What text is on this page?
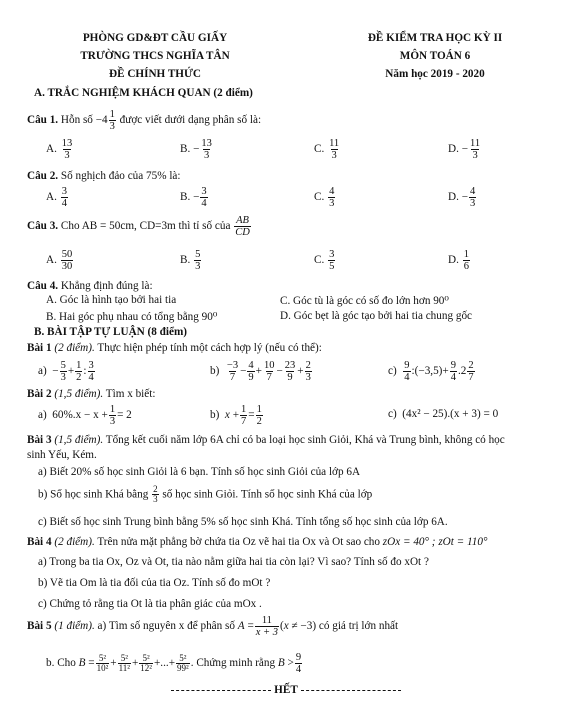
PHÒNG GD&ĐT CẦU GIẤY
TRƯỜNG THCS NGHĨA TÂN
ĐỀ CHÍNH THỨC
ĐỀ KIỂM TRA HỌC KỲ II
MÔN TOÁN 6
Năm học 2019 - 2020
A. TRẮC NGHIỆM KHÁCH QUAN (2 điểm)
Câu 1. Hỗn số $-4 \frac{1}{3}$ được viết dưới dạng phân số là:
A. $\frac{13}{3}$	B. − $\frac{13}{3}$	C. $\frac{11}{3}$	D. − $\frac{11}{3}$
Câu 2. Số nghịch đảo của 75% là:
A. $\frac{3}{4}$	B. − $\frac{3}{4}$	C. $\frac{4}{3}$	D. − $\frac{4}{3}$
Câu 3. Cho AB = 50cm, CD=3m thì tỉ số của $\frac{AB}{CD}$
A. $\frac{50}{30}$	B. $\frac{5}{3}$	C. $\frac{3}{5}$	D. $\frac{1}{6}$
Câu 4. Khẳng định đúng là:
A. Góc là hình tạo bởi hai tia	C. Góc tù là góc có số đo lớn hơn 90⁰
B. Hai góc phụ nhau có tổng bằng 90⁰	D. Góc bẹt là góc tạo bởi hai tia chung gốc
B. BÀI TẬP TỰ LUẬN (8 điểm)
Bài 1 (2 điểm). Thực hiện phép tính một cách hợp lý (nếu có thể):
$a) - \frac{5}{3} + \frac{1}{2}$ : $\frac{3}{4}$	$b) \frac{-3}{7} - \frac{4}{9} + \frac{10}{7} - \frac{23}{9} + \frac{2}{3}$	$c) \frac{9}{4}$ :(−3,5)+ $\frac{9}{4} .2 \frac{2}{7}$
Bài 2 (1,5 điểm). Tìm x biết:
a) $60\%.x - x + \frac{1}{3} = 2$	b) $x + \frac{1}{7} = \frac{1}{2}$	c) (4x² − 25).(x + 3) = 0
Bài 3 (1,5 điểm). Tổng kết cuối năm lớp 6A chỉ có ba loại học sinh Giỏi, Khá và Trung bình, không có học
sinh Yếu, Kém.
a) Biết 20% số học sinh Giỏi là 6 bạn. Tính số học sinh Giỏi của lớp 6A
b) Số học sinh Khá bằng $\frac{2}{3}$ số học sinh Giỏi. Tính số học sinh Khá của lớp
c) Biết số học sinh Trung bình bằng 5% số học sinh Khá. Tính tổng số học sinh của lớp 6A.
Bài 4 (2 điểm). Trên nửa mặt phẳng bờ chứa tia Oz vẽ hai tia Ox và Ot sao cho zOx = 40° ; zOt = 110°
a) Trong ba tia Ox, Oz và Ot, tia nào nằm giữa hai tia còn lại? Vì sao? Tính số đo xOt ?
b) Vẽ tia Om là tia đối của tia Oz. Tính số đo mOt ?
c) Chứng tỏ rằng tia Ot là tia phân giác của mOx .
Bài 5 (1 điểm). a) Tìm số nguyên x để phân số $A = \frac{11}{x + 3} (x \ne -3)$ có giá trị lớn nhất
b. Cho $B = \frac{\text{5²}}{\text{10²}} + \frac{\text{5²}}{\text{11²}} + \frac{\text{5²}}{\text{12²}}$ +...+ $\frac{\text{5²}}{\text{99²}}$ . Chứng minh rằng $B > \frac{9}{4}$
HẾT
